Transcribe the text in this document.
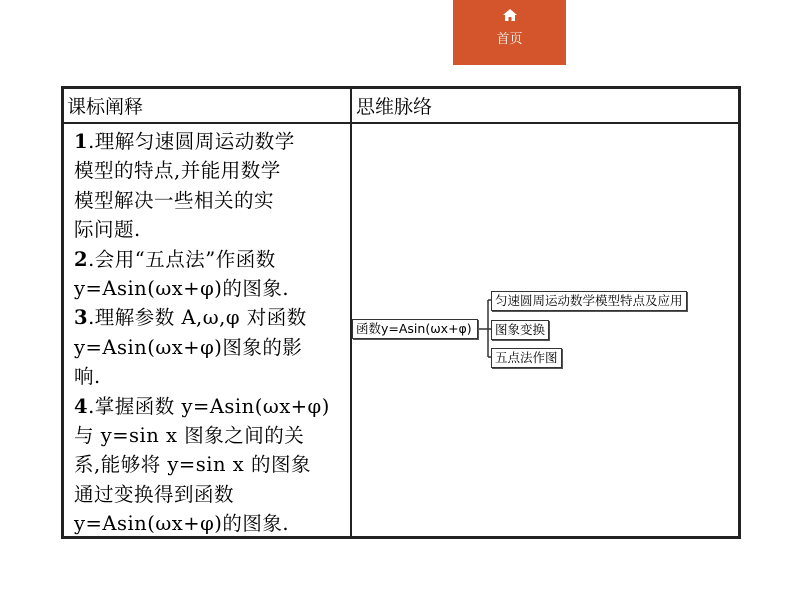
首页
课标阐释	思维脉络
1.理解匀速圆周运动数学
模型的特点,并能用数学
模型解决一些相关的实
际问题.
2.会用“五点法”作函数
y=Asin(ωx+φ)的图象.
3.理解参数 A,ω,φ 对函数
y=Asin(ωx+φ)图象的影
响.
4.掌握函数 y=Asin(ωx+φ)
与 y=sin x 图象之间的关
系,能够将 y=sin x 的图象
通过变换得到函数
y=Asin(ωx+φ)的图象.
函数y=Asin(ωx+φ)
匀速圆周运动数学模型特点及应用
图象变换
五点法作图
